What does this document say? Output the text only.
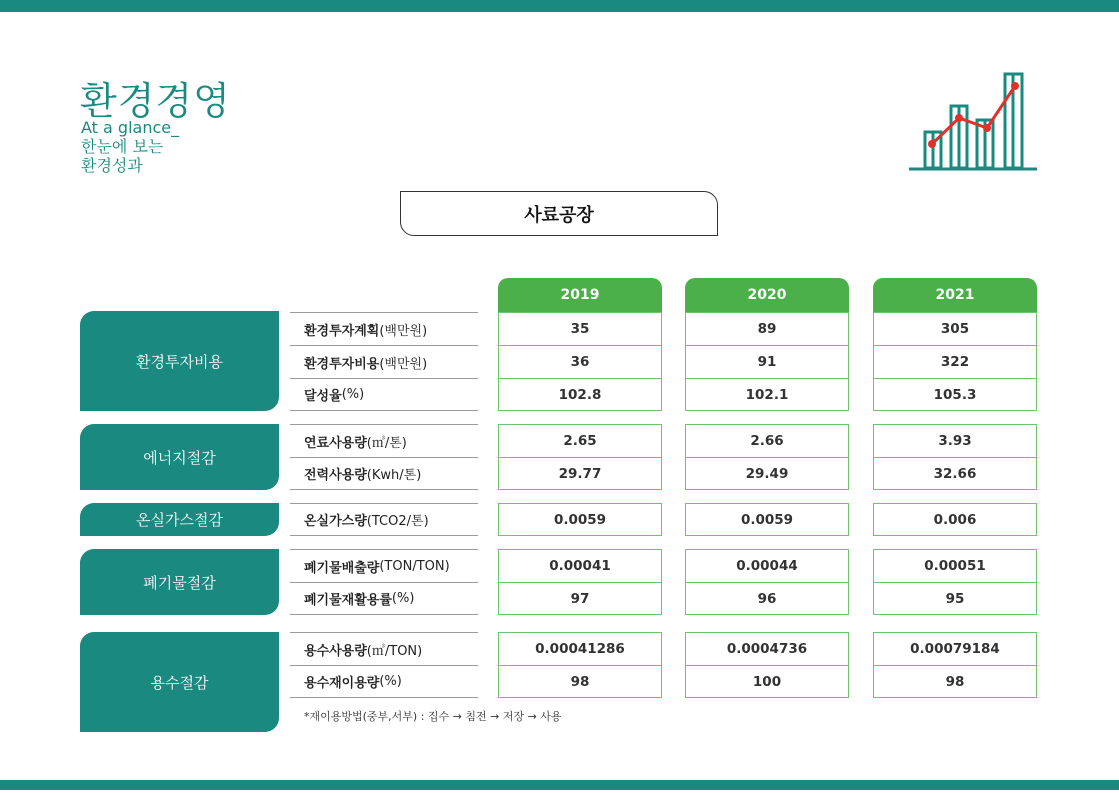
환경경영
At a glance_
한눈에 보는
환경성과
사료공장
2019	2020	2021
환경투자비용
환경투자계획 (백만원)	35	89	305
환경투자비용 (백만원)	36	91	322
달성율 (%)	102.8	102.1	105.3
에너지절감
연료사용량 (㎥/톤)	2.65	2.66	3.93
전력사용량 (Kwh/톤)	29.77	29.49	32.66
온실가스절감	온실가스량 (TCO2/톤)	0.0059	0.0059	0.006
폐기물절감
폐기물배출량 (TON/TON)	0.00041	0.00044	0.00051
폐기물재활용률 (%)	97	96	95
용수절감
용수사용량 (㎥/TON)	0.00041286	0.0004736	0.00079184
용수재이용량 (%)	98	100	98
*재이용방법(중부,서부) : 집수 → 침전 → 저장 → 사용
